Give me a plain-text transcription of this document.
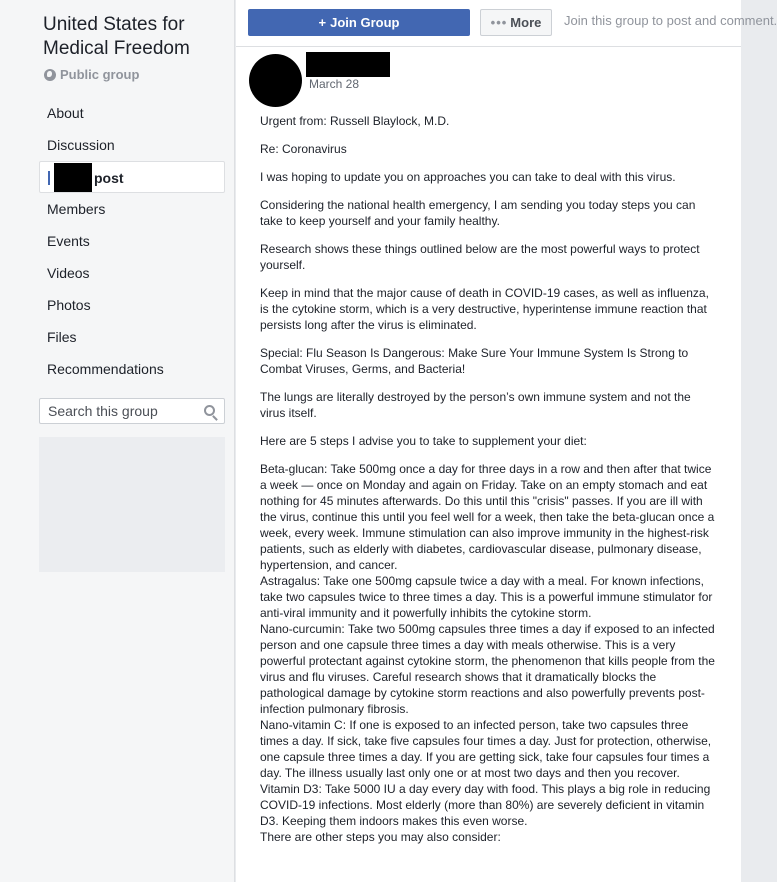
United States for Medical Freedom
Public group
About
Discussion
post
Members
Events
Videos
Photos
Files
Recommendations
Search this group
+ Join Group	••• More	Join this group to post and comment.
March 28

Urgent from: Russell Blaylock, M.D.

Re: Coronavirus

I was hoping to update you on approaches you can take to deal with this virus.

Considering the national health emergency, I am sending you today steps you can take to keep yourself and your family healthy.

Research shows these things outlined below are the most powerful ways to protect yourself.

Keep in mind that the major cause of death in COVID-19 cases, as well as influenza, is the cytokine storm, which is a very destructive, hyperintense immune reaction that persists long after the virus is eliminated.

Special: Flu Season Is Dangerous: Make Sure Your Immune System Is Strong to Combat Viruses, Germs, and Bacteria!

The lungs are literally destroyed by the person’s own immune system and not the virus itself.

Here are 5 steps I advise you to take to supplement your diet:

Beta-glucan: Take 500mg once a day for three days in a row and then after that twice a week — once on Monday and again on Friday. Take on an empty stomach and eat nothing for 45 minutes afterwards. Do this until this "crisis" passes. If you are ill with the virus, continue this until you feel well for a week, then take the beta-glucan once a week, every week. Immune stimulation can also improve immunity in the highest-risk patients, such as elderly with diabetes, cardiovascular disease, pulmonary disease, hypertension, and cancer.

Astragalus: Take one 500mg capsule twice a day with a meal. For known infections, take two capsules twice to three times a day. This is a powerful immune stimulator for anti-viral immunity and it powerfully inhibits the cytokine storm.

Nano-curcumin: Take two 500mg capsules three times a day if exposed to an infected person and one capsule three times a day with meals otherwise. This is a very powerful protectant against cytokine storm, the phenomenon that kills people from the virus and flu viruses. Careful research shows that it dramatically blocks the pathological damage by cytokine storm reactions and also powerfully prevents post-infection pulmonary fibrosis.

Nano-vitamin C: If one is exposed to an infected person, take two capsules three times a day. If sick, take five capsules four times a day. Just for protection, otherwise, one capsule three times a day. If you are getting sick, take four capsules four times a day. The illness usually last only one or at most two days and then you recover.

Vitamin D3: Take 5000 IU a day every day with food. This plays a big role in reducing COVID-19 infections. Most elderly (more than 80%) are severely deficient in vitamin D3. Keeping them indoors makes this even worse.

There are other steps you may also consider:
